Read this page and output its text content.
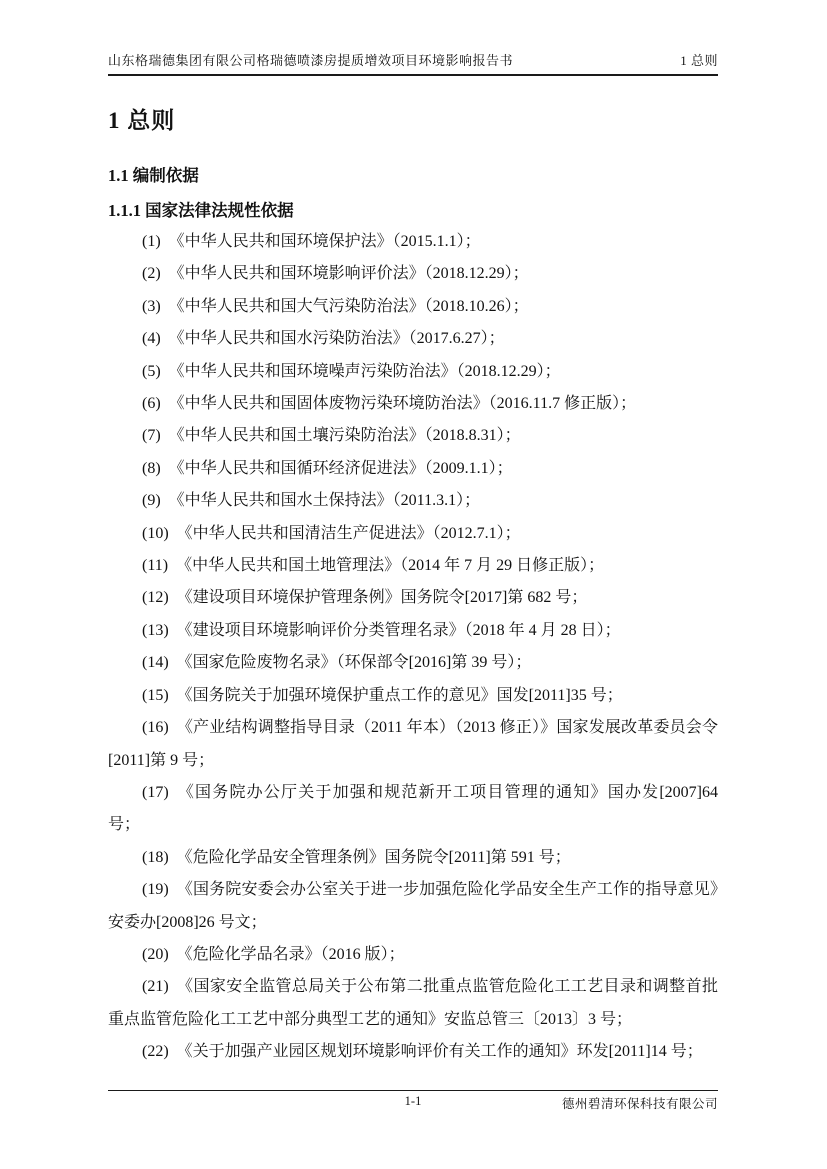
山东格瑞德集团有限公司格瑞德喷漆房提质增效项目环境影响报告书	1 总则
1 总则
1.1 编制依据
1.1.1 国家法律法规性依据

(1) 《中华人民共和国环境保护法》（2015.1.1）；

(2) 《中华人民共和国环境影响评价法》（2018.12.29）；

(3) 《中华人民共和国大气污染防治法》（2018.10.26）；

(4) 《中华人民共和国水污染防治法》（2017.6.27）；

(5) 《中华人民共和国环境噪声污染防治法》（2018.12.29）；

(6) 《中华人民共和国固体废物污染环境防治法》（2016.11.7 修正版）；

(7) 《中华人民共和国土壤污染防治法》（2018.8.31）；

(8) 《中华人民共和国循环经济促进法》（2009.1.1）；

(9) 《中华人民共和国水土保持法》（2011.3.1）；

(10) 《中华人民共和国清洁生产促进法》（2012.7.1）；

(11) 《中华人民共和国土地管理法》（2014 年 7 月 29 日修正版）；

(12) 《建设项目环境保护管理条例》国务院令[2017]第 682 号；

(13) 《建设项目环境影响评价分类管理名录》（2018 年 4 月 28 日）；

(14) 《国家危险废物名录》（环保部令[2016]第 39 号）；

(15) 《国务院关于加强环境保护重点工作的意见》国发[2011]35 号；

(16) 《产业结构调整指导目录（2011 年本）（2013 修正）》国家发展改革委员会令[2011]第 9 号；

(17) 《国务院办公厅关于加强和规范新开工项目管理的通知》国办发[2007]64 号；

(18) 《危险化学品安全管理条例》国务院令[2011]第 591 号；

(19) 《国务院安委会办公室关于进一步加强危险化学品安全生产工作的指导意见》安委办[2008]26 号文；

(20) 《危险化学品名录》（2016 版）；

(21) 《国家安全监管总局关于公布第二批重点监管危险化工工艺目录和调整首批重点监管危险化工工艺中部分典型工艺的通知》安监总管三〔2013〕3 号；

(22) 《关于加强产业园区规划环境影响评价有关工作的通知》环发[2011]14 号；

1-1	德州碧清环保科技有限公司
